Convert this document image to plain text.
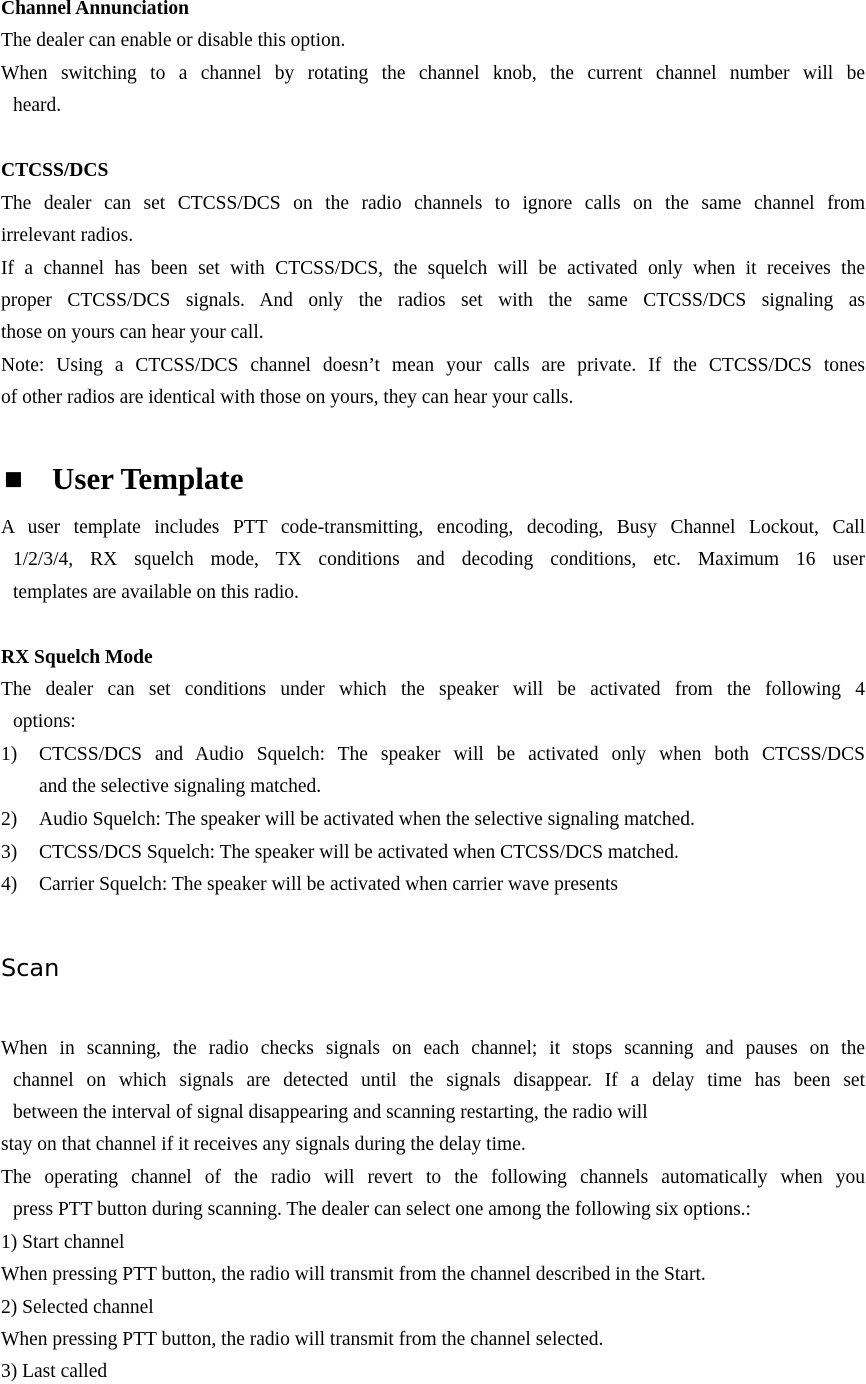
Channel Annunciation
The dealer can enable or disable this option.
When switching to a channel by rotating the channel knob, the current channel number will be
heard.
CTCSS/DCS
The dealer can set CTCSS/DCS on the radio channels to ignore calls on the same channel from
irrelevant radios.
If a channel has been set with CTCSS/DCS, the squelch will be activated only when it receives the
proper CTCSS/DCS signals. And only the radios set with the same CTCSS/DCS signaling as
those on yours can hear your call.
Note: Using a CTCSS/DCS channel doesn’t mean your calls are private. If the CTCSS/DCS tones
of other radios are identical with those on yours, they can hear your calls.
■ User Template
A user template includes PTT code-transmitting, encoding, decoding, Busy Channel Lockout, Call
1/2/3/4, RX squelch mode, TX conditions and decoding conditions, etc. Maximum 16 user
templates are available on this radio.
RX Squelch Mode
The dealer can set conditions under which the speaker will be activated from the following 4
options:
1) CTCSS/DCS and Audio Squelch: The speaker will be activated only when both CTCSS/DCS
and the selective signaling matched.
2) Audio Squelch: The speaker will be activated when the selective signaling matched.
3) CTCSS/DCS Squelch: The speaker will be activated when CTCSS/DCS matched.
4) Carrier Squelch: The speaker will be activated when carrier wave presents
Scan
When in scanning, the radio checks signals on each channel; it stops scanning and pauses on the
channel on which signals are detected until the signals disappear. If a delay time has been set
between the interval of signal disappearing and scanning restarting, the radio will
stay on that channel if it receives any signals during the delay time.
The operating channel of the radio will revert to the following channels automatically when you
press PTT button during scanning. The dealer can select one among the following six options.:
1) Start channel
When pressing PTT button, the radio will transmit from the channel described in the Start.
2) Selected channel
When pressing PTT button, the radio will transmit from the channel selected.
3) Last called
